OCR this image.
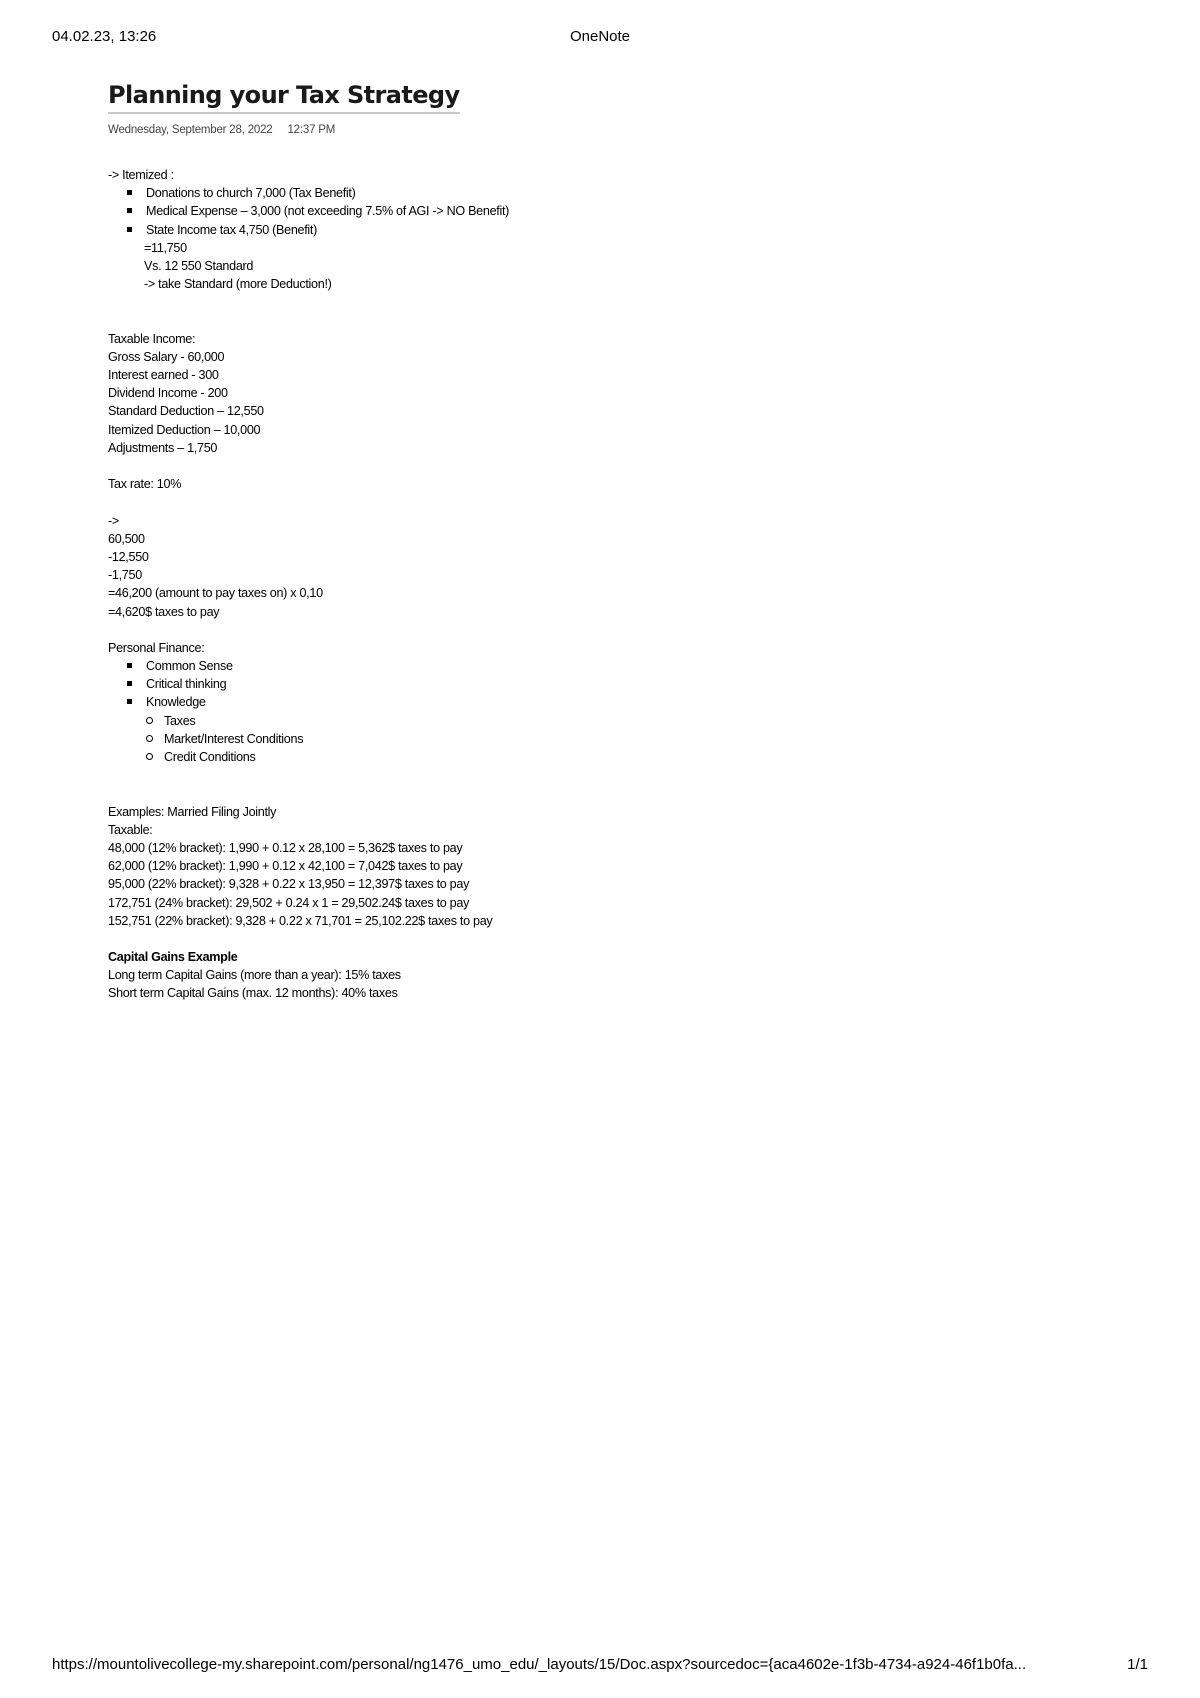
04.02.23, 13:26	OneNote
Planning your Tax Strategy
Wednesday, September 28, 2022 12:37 PM
-> Itemized :
Donations to church 7,000 (Tax Benefit)
Medical Expense – 3,000 (not exceeding 7.5% of AGI -> NO Benefit)
State Income tax 4,750 (Benefit)
=11,750
Vs. 12 550 Standard
-> take Standard (more Deduction!)
Taxable Income:
Gross Salary - 60,000
Interest earned - 300
Dividend Income - 200
Standard Deduction – 12,550
Itemized Deduction – 10,000
Adjustments – 1,750
Tax rate: 10%
->
60,500
-12,550
-1,750
=46,200 (amount to pay taxes on) x 0,10
=4,620$ taxes to pay
Personal Finance:
Common Sense
Critical thinking
Knowledge
Taxes
Market/Interest Conditions
Credit Conditions
Examples: Married Filing Jointly
Taxable:
48,000 (12% bracket): 1,990 + 0.12 x 28,100 = 5,362$ taxes to pay
62,000 (12% bracket): 1,990 + 0.12 x 42,100 = 7,042$ taxes to pay
95,000 (22% bracket): 9,328 + 0.22 x 13,950 = 12,397$ taxes to pay
172,751 (24% bracket): 29,502 + 0.24 x 1 = 29,502.24$ taxes to pay
152,751 (22% bracket): 9,328 + 0.22 x 71,701 = 25,102.22$ taxes to pay
Capital Gains Example
Long term Capital Gains (more than a year): 15% taxes
Short term Capital Gains (max. 12 months): 40% taxes
https://mountolivecollege-my.sharepoint.com/personal/ng1476_umo_edu/_layouts/15/Doc.aspx?sourcedoc={aca4602e-1f3b-4734-a924-46f1b0fa...	1/1
